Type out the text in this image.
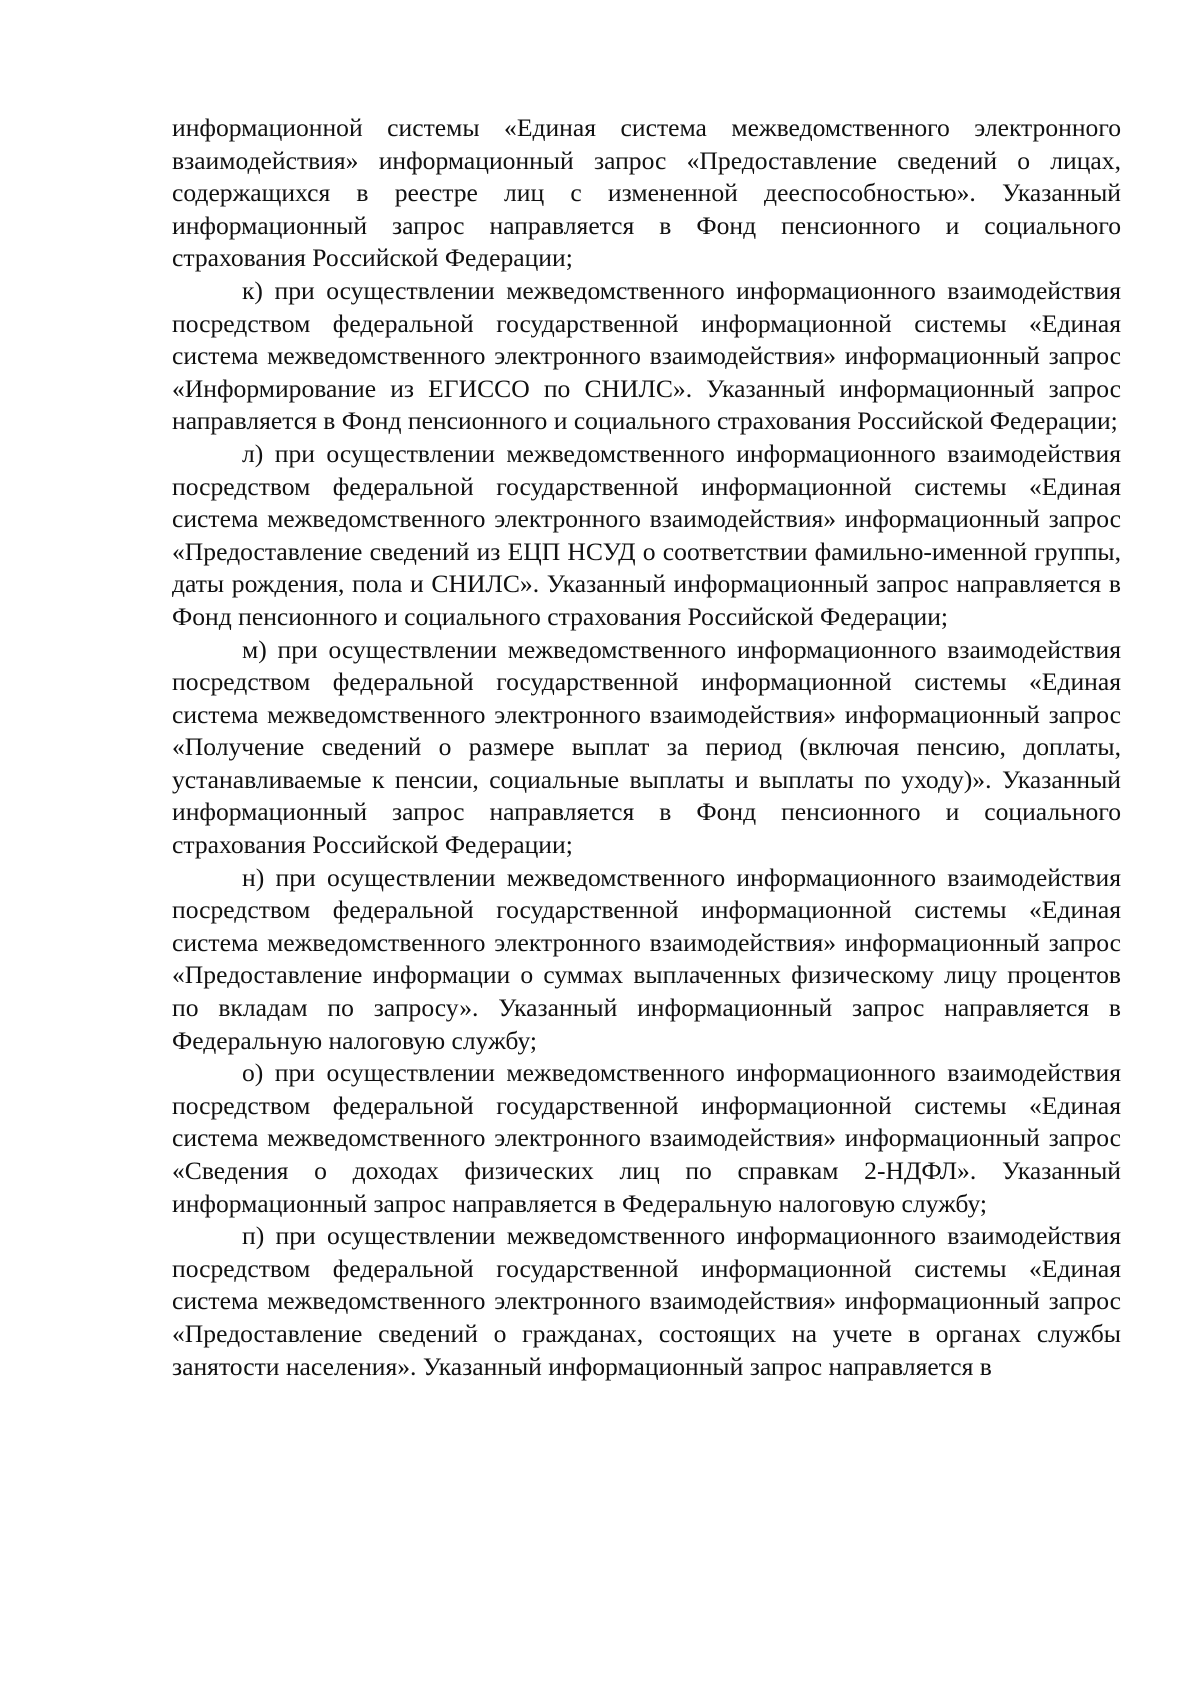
информационной системы «Единая система межведомственного электронного взаимодействия» информационный запрос «Предоставление сведений о лицах, содержащихся в реестре лиц с измененной дееспособностью». Указанный информационный запрос направляется в Фонд пенсионного и социального страхования Российской Федерации;

к) при осуществлении межведомственного информационного взаимодействия посредством федеральной государственной информационной системы «Единая система межведомственного электронного взаимодействия» информационный запрос «Информирование из ЕГИССО по СНИЛС». Указанный информационный запрос направляется в Фонд пенсионного и социального страхования Российской Федерации;

л) при осуществлении межведомственного информационного взаимодействия посредством федеральной государственной информационной системы «Единая система межведомственного электронного взаимодействия» информационный запрос «Предоставление сведений из ЕЦП НСУД о соответствии фамильно-именной группы, даты рождения, пола и СНИЛС». Указанный информационный запрос направляется в Фонд пенсионного и социального страхования Российской Федерации;

м) при осуществлении межведомственного информационного взаимодействия посредством федеральной государственной информационной системы «Единая система межведомственного электронного взаимодействия» информационный запрос «Получение сведений о размере выплат за период (включая пенсию, доплаты, устанавливаемые к пенсии, социальные выплаты и выплаты по уходу)». Указанный информационный запрос направляется в Фонд пенсионного и социального страхования Российской Федерации;

н) при осуществлении межведомственного информационного взаимодействия посредством федеральной государственной информационной системы «Единая система межведомственного электронного взаимодействия» информационный запрос «Предоставление информации о суммах выплаченных физическому лицу процентов по вкладам по запросу». Указанный информационный запрос направляется в Федеральную налоговую службу;

о) при осуществлении межведомственного информационного взаимодействия посредством федеральной государственной информационной системы «Единая система межведомственного электронного взаимодействия» информационный запрос «Сведения о доходах физических лиц по справкам 2-НДФЛ». Указанный информационный запрос направляется в Федеральную налоговую службу;

п) при осуществлении межведомственного информационного взаимодействия посредством федеральной государственной информационной системы «Единая система межведомственного электронного взаимодействия» информационный запрос «Предоставление сведений о гражданах, состоящих на учете в органах службы занятости населения». Указанный информационный запрос направляется в
